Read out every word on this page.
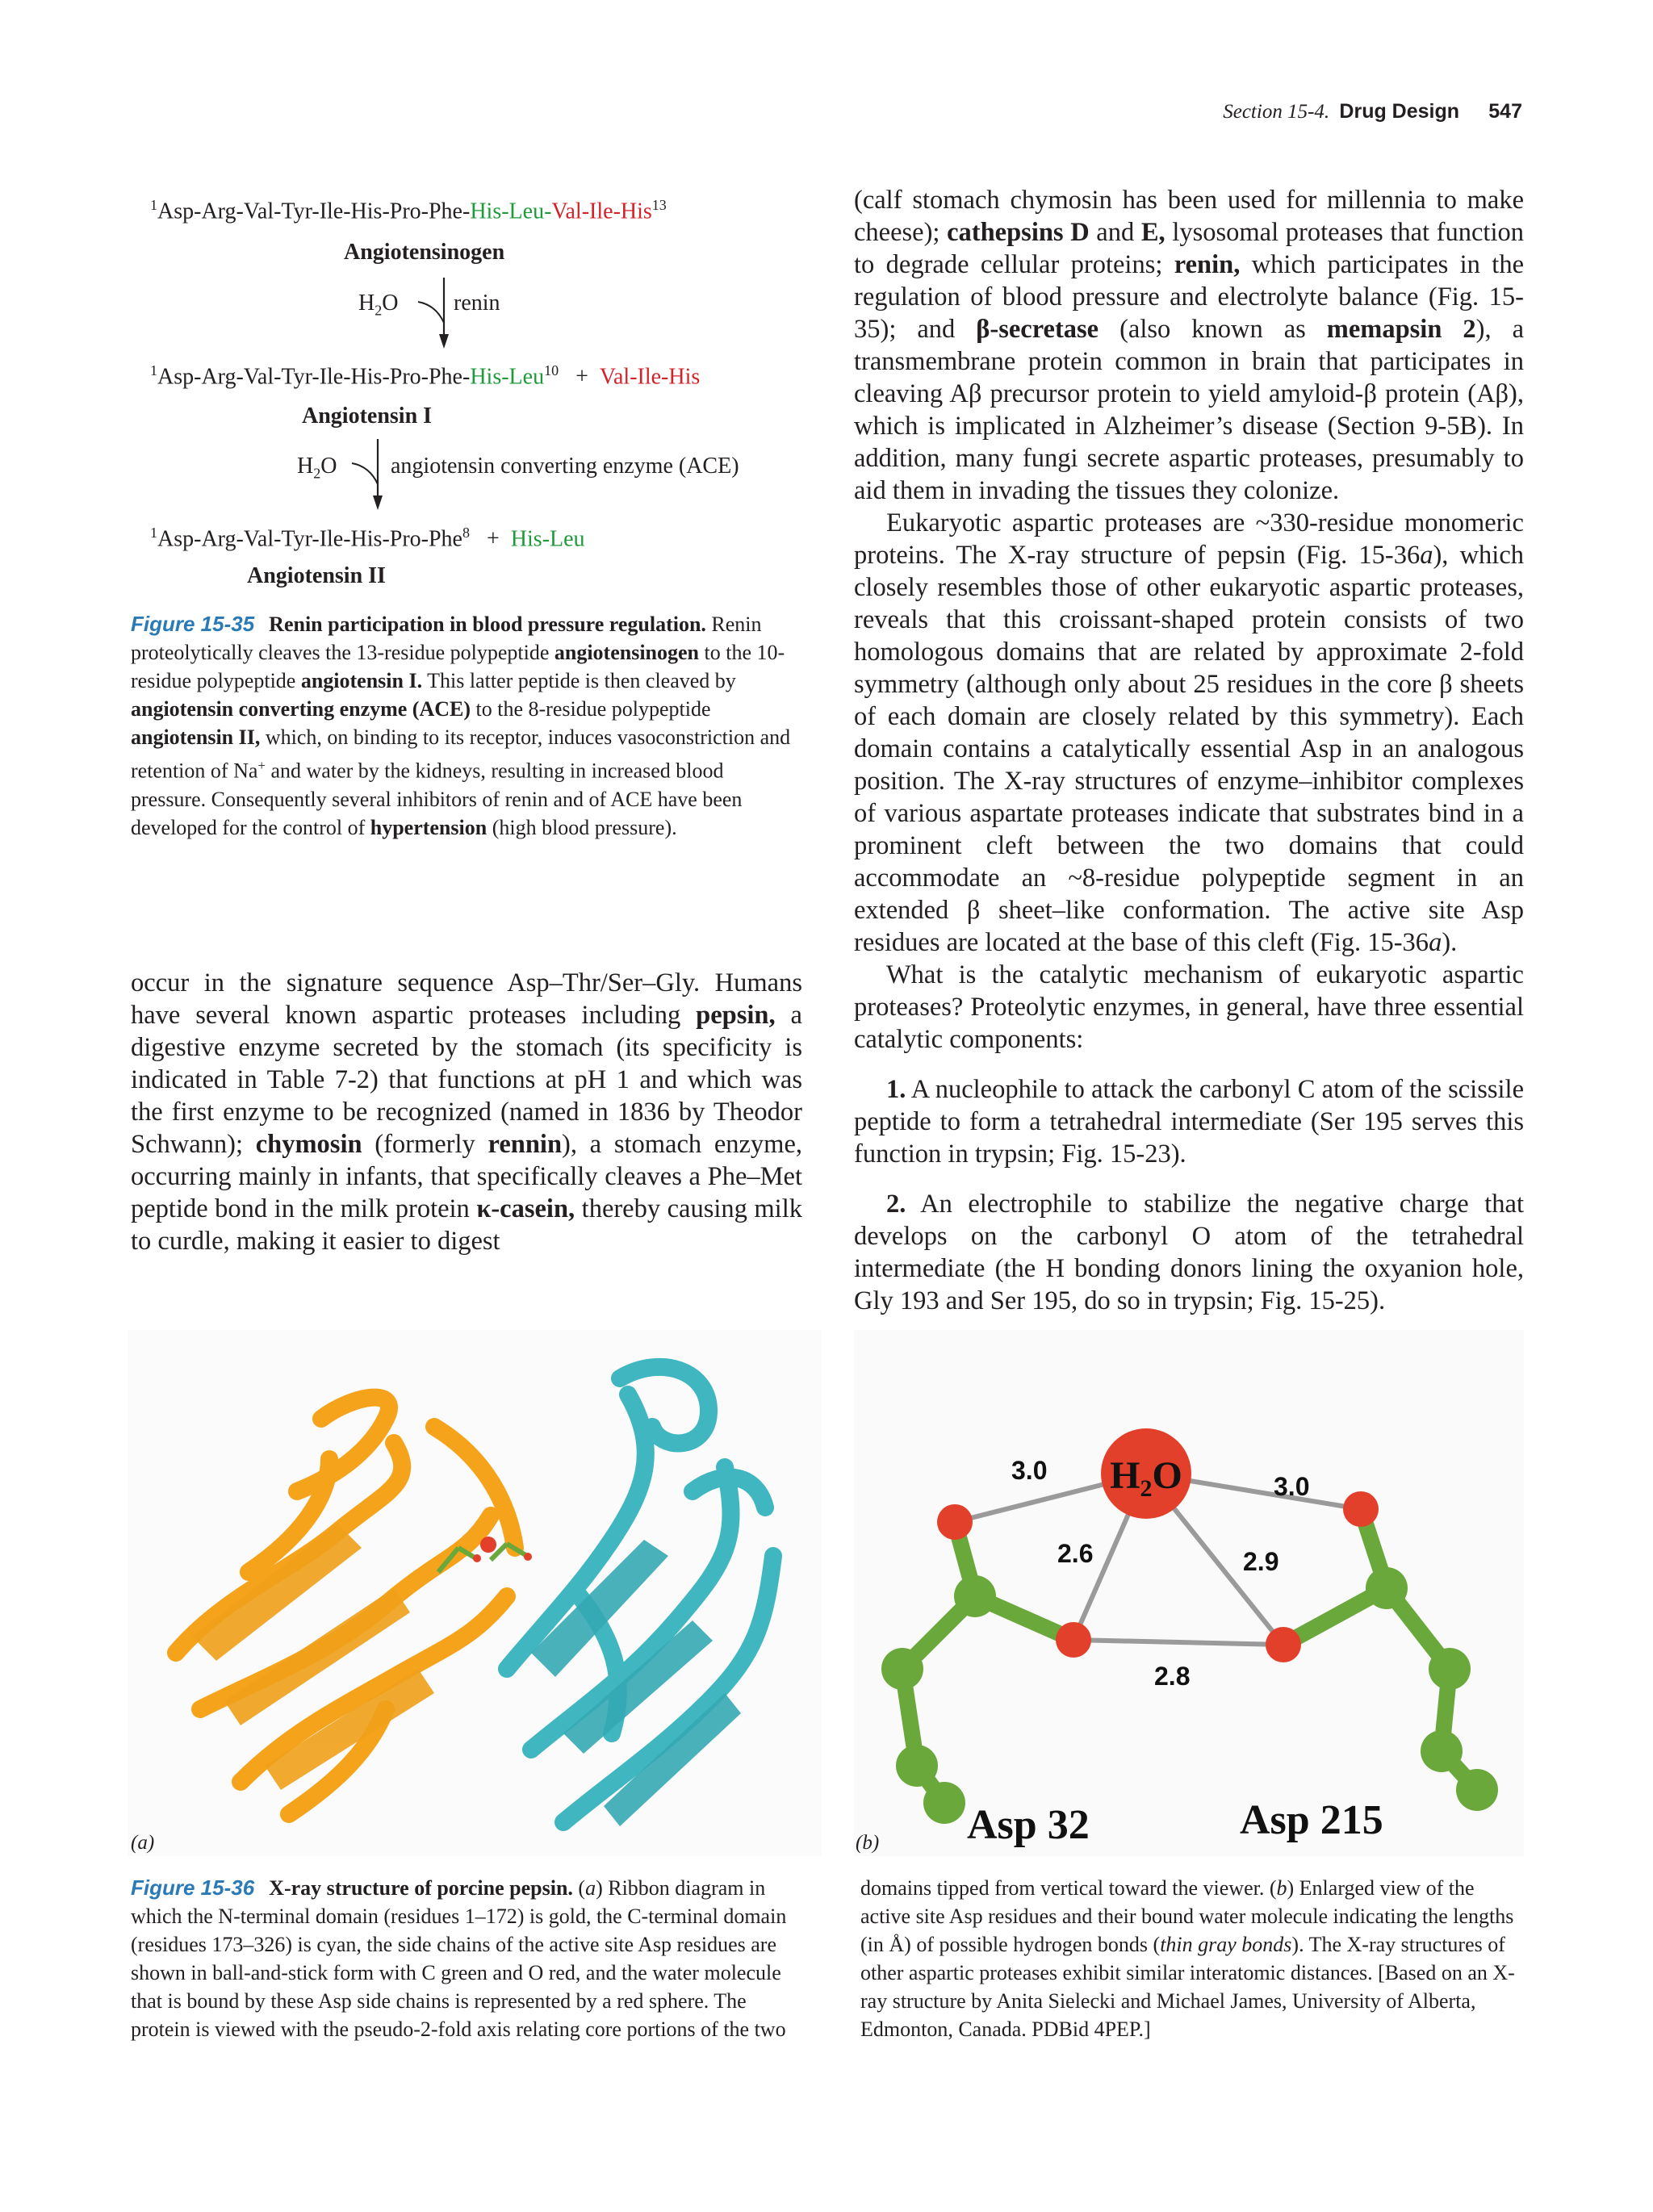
Section 15-4. Drug Design 547
$^1$Asp-Arg-Val-Tyr-Ile-His-Pro-Phe-His-Leu-Val-Ile-His$^{13}$
Angiotensinogen
$H_2O$ renin
$^1$Asp-Arg-Val-Tyr-Ile-His-Pro-Phe-His-Leu$^{10}$ + Val-Ile-His
Angiotensin I
$H_2O$ angiotensin converting enzyme (ACE)
$^1$Asp-Arg-Val-Tyr-Ile-His-Pro-Phe$^8$ + His-Leu
Angiotensin II
Figure 15-35 Renin participation in blood pressure regulation. Renin proteolytically cleaves the 13-residue polypeptide angiotensinogen to the 10-residue polypeptide angiotensin I. This latter peptide is then cleaved by angiotensin converting enzyme (ACE) to the 8-residue polypeptide angiotensin II, which, on binding to its receptor, induces vasoconstriction and retention of Na+ and water by the kidneys, resulting in increased blood pressure. Consequently several inhibitors of renin and of ACE have been developed for the control of hypertension (high blood pressure).

occur in the signature sequence Asp–Thr/Ser–Gly. Humans have several known aspartic proteases including pepsin, a digestive enzyme secreted by the stomach (its specificity is indicated in Table 7-2) that functions at pH 1 and which was the first enzyme to be recognized (named in 1836 by Theodor Schwann); chymosin (formerly rennin), a stomach enzyme, occurring mainly in infants, that specifically cleaves a Phe–Met peptide bond in the milk protein κ-casein, thereby causing milk to curdle, making it easier to digest

(calf stomach chymosin has been used for millennia to make cheese); cathepsins D and E, lysosomal proteases that function to degrade cellular proteins; renin, which participates in the regulation of blood pressure and electrolyte balance (Fig. 15-35); and β-secretase (also known as memapsin 2), a transmembrane protein common in brain that participates in cleaving Aβ precursor protein to yield amyloid-β protein (Aβ), which is implicated in Alzheimer’s disease (Section 9-5B). In addition, many fungi secrete aspartic proteases, presumably to aid them in invading the tissues they colonize.

Eukaryotic aspartic proteases are ~330-residue monomeric proteins. The X-ray structure of pepsin (Fig. 15-36a), which closely resembles those of other eukaryotic aspartic proteases, reveals that this croissant-shaped protein consists of two homologous domains that are related by approximate 2-fold symmetry (although only about 25 residues in the core β sheets of each domain are closely related by this symmetry). Each domain contains a catalytically essential Asp in an analogous position. The X-ray structures of enzyme–inhibitor complexes of various aspartate proteases indicate that substrates bind in a prominent cleft between the two domains that could accommodate an ~8-residue polypeptide segment in an extended β sheet–like conformation. The active site Asp residues are located at the base of this cleft (Fig. 15-36a).

What is the catalytic mechanism of eukaryotic aspartic proteases? Proteolytic enzymes, in general, have three essential catalytic components:

1. A nucleophile to attack the carbonyl C atom of the scissile peptide to form a tetrahedral intermediate (Ser 195 serves this function in trypsin; Fig. 15-23).

2. An electrophile to stabilize the negative charge that develops on the carbonyl O atom of the tetrahedral intermediate (the H bonding donors lining the oxyanion hole, Gly 193 and Ser 195, do so in trypsin; Fig. 15-25).

(a)
$H_2O$
3.0
3.0
2.6	2.9
2.8
Asp 32	Asp 215
(b)
Figure 15-36 X-ray structure of porcine pepsin. (a) Ribbon diagram in which the N-terminal domain (residues 1–172) is gold, the C-terminal domain (residues 173–326) is cyan, the side chains of the active site Asp residues are shown in ball-and-stick form with C green and O red, and the water molecule that is bound by these Asp side chains is represented by a red sphere. The protein is viewed with the pseudo-2-fold axis relating core portions of the two domains tipped from vertical toward the viewer. (b) Enlarged view of the active site Asp residues and their bound water molecule indicating the lengths (in Å) of possible hydrogen bonds (thin gray bonds). The X-ray structures of other aspartic proteases exhibit similar interatomic distances. [Based on an X-ray structure by Anita Sielecki and Michael James, University of Alberta, Edmonton, Canada. PDBid 4PEP.]
